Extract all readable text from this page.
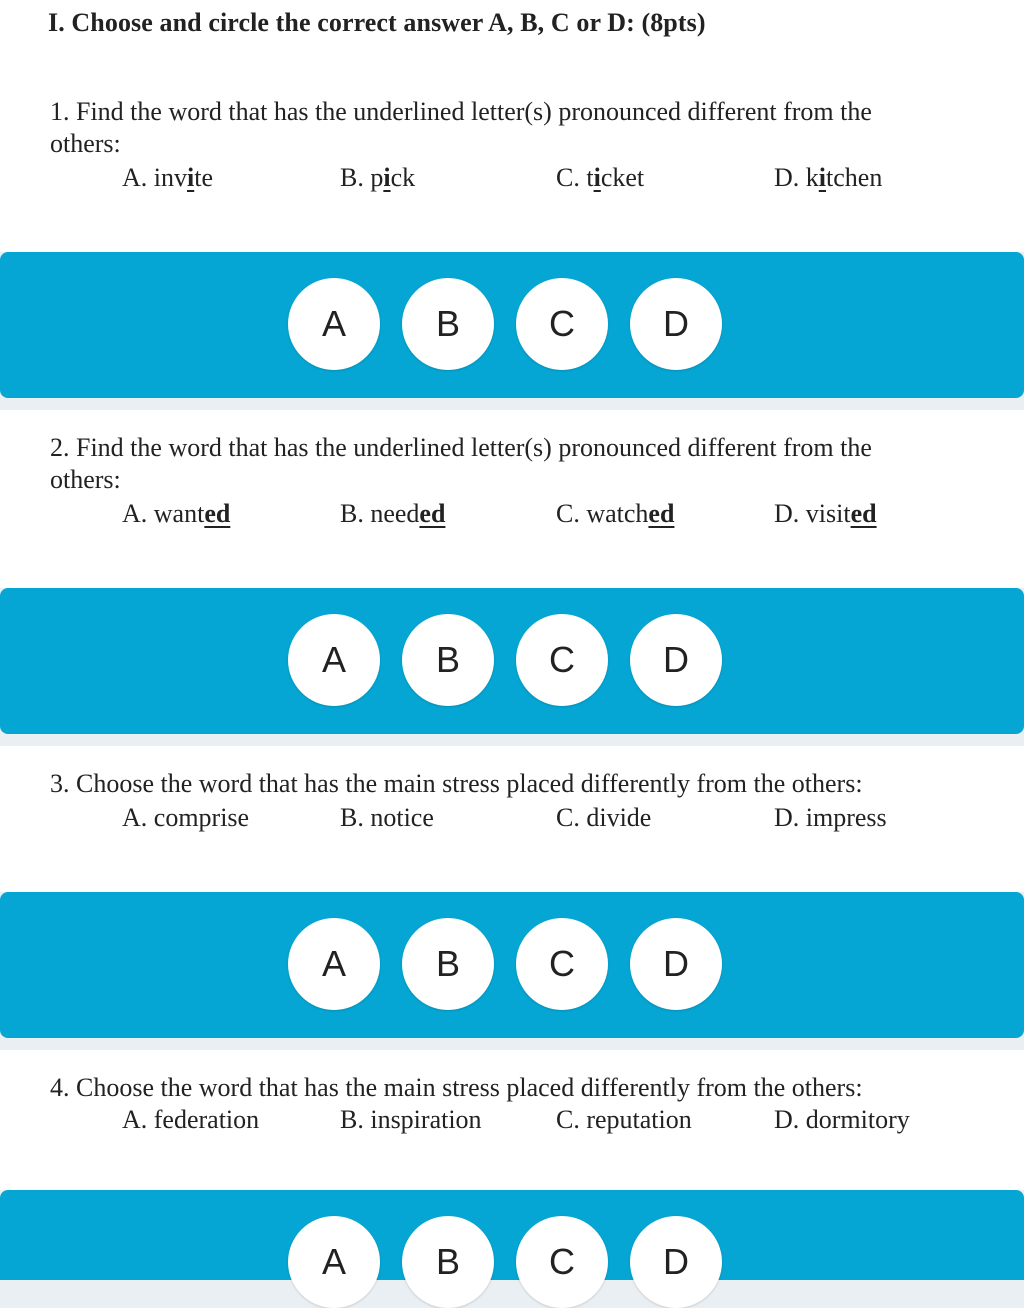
I. Choose and circle the correct answer A, B, C or D: (8pts)

1. Find the word that has the underlined letter(s) pronounced different from the
others:

A. invite	B. pick	C. ticket	D. kitchen
A	B	C	D

2. Find the word that has the underlined letter(s) pronounced different from the
others:

A. wanted	B. needed	C. watched	D. visited
A	B	C	D

3. Choose the word that has the main stress placed differently from the others:

A. comprise	B. notice	C. divide	D. impress
A	B	C	D

4. Choose the word that has the main stress placed differently from the others:

A. federation	B. inspiration	C. reputation	D. dormitory
A	B	C	D
